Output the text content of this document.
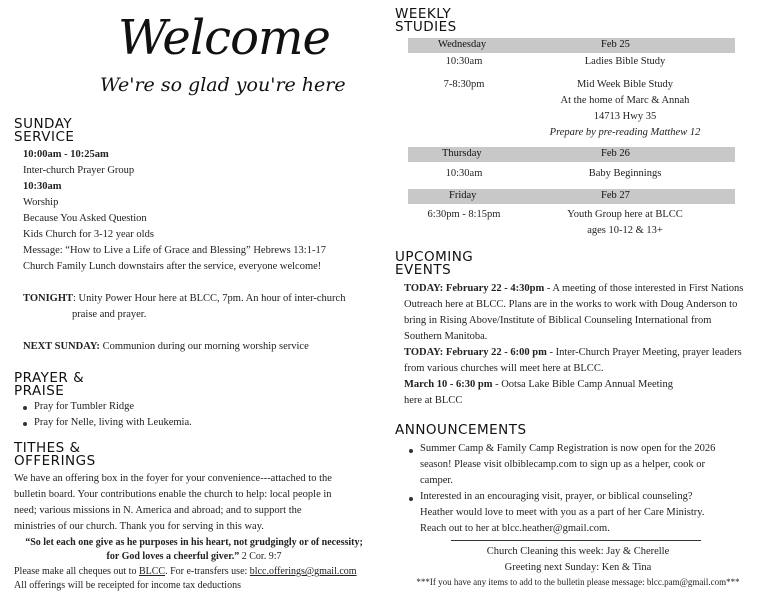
Welcome
We're so glad you're here
SUNDAY
SERVICE
10:00am - 10:25am
Inter-church Prayer Group
10:30am
Worship
Because You Asked Question
Kids Church for 3-12 year olds
Message: “How to Live a Life of Grace and Blessing” Hebrews 13:1-17
Church Family Lunch downstairs after the service, everyone welcome!
TONIGHT: Unity Power Hour here at BLCC, 7pm. An hour of inter-church
praise and prayer.
NEXT SUNDAY: Communion during our morning worship service
PRAYER &
PRAISE
Pray for Tumbler Ridge
Pray for Nelle, living with Leukemia.
TITHES &
OFFERINGS
We have an offering box in the foyer for your convenience---attached to the
bulletin board. Your contributions enable the church to help: local people in
need; various missions in N. America and abroad; and to support the
ministries of our church. Thank you for serving in this way.
“So let each one give as he purposes in his heart, not grudgingly or of necessity;
for God loves a cheerful giver.” 2 Cor. 9:7
Please make all cheques out to BLCC. For e-transfers use: blcc.offerings@gmail.com
All offerings will be receipted for income tax deductions
WEEKLY
STUDIES
Wednesday	Feb 25
10:30am	Ladies Bible Study
7-8:30pm	Mid Week Bible Study
At the home of Marc & Annah
14713 Hwy 35
Prepare by pre-reading Matthew 12
Thursday	Feb 26
10:30am	Baby Beginnings
Friday	Feb 27
6:30pm - 8:15pm	Youth Group here at BLCC
ages 10-12 & 13+
UPCOMING
EVENTS
TODAY: February 22 - 4:30pm - A meeting of those interested in First Nations
Outreach here at BLCC. Plans are in the works to work with Doug Anderson to
bring in Rising Above/Institute of Biblical Counseling International from
Southern Manitoba.
TODAY: February 22 - 6:00 pm - Inter-Church Prayer Meeting, prayer leaders
from various churches will meet here at BLCC.
March 10 - 6:30 pm - Ootsa Lake Bible Camp Annual Meeting
here at BLCC
ANNOUNCEMENTS
Summer Camp & Family Camp Registration is now open for the 2026
season! Please visit olbiblecamp.com to sign up as a helper, cook or
camper.
Interested in an encouraging visit, prayer, or biblical counseling?
Heather would love to meet with you as a part of her Care Ministry.
Reach out to her at blcc.heather@gmail.com.
Church Cleaning this week: Jay & Cherelle
Greeting next Sunday: Ken & Tina
***If you have any items to add to the bulletin please message: blcc.pam@gmail.com***
